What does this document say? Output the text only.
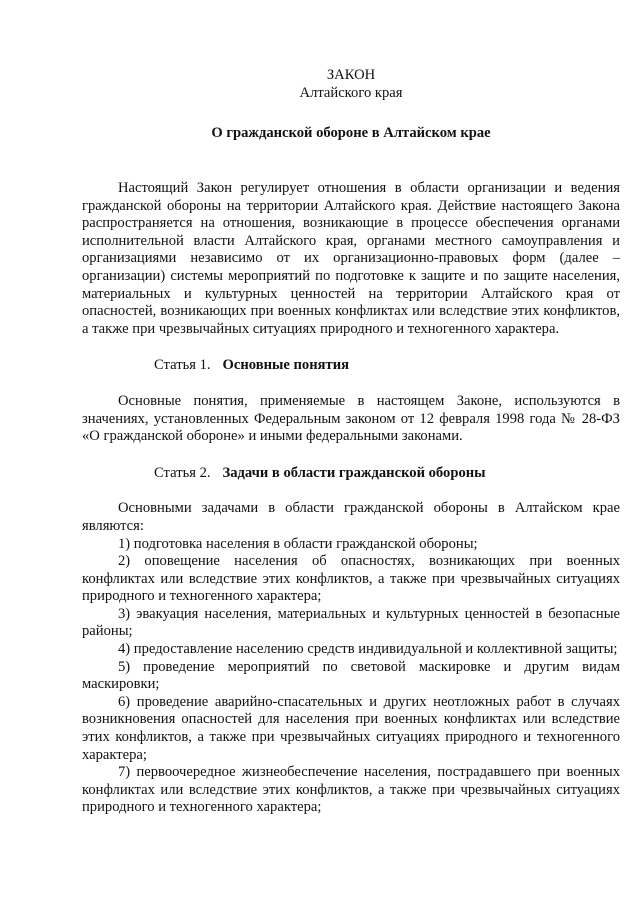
ЗАКОН
Алтайского края
О гражданской обороне в Алтайском крае

Настоящий Закон регулирует отношения в области организации и ведения гражданской обороны на территории Алтайского края. Действие настоящего Закона распространяется на отношения, возникающие в процессе обеспечения органами исполнительной власти Алтайского края, органами местного самоуправления и организациями независимо от их организационно-правовых форм (далее – организации) системы мероприятий по подготовке к защите и по защите населения, материальных и культурных ценностей на территории Алтайского края от опасностей, возникающих при военных конфликтах или вследствие этих конфликтов, а также при чрезвычайных ситуациях природного и техногенного характера.

Статья 1. Основные понятия

Основные понятия, применяемые в настоящем Законе, используются в значениях, установленных Федеральным законом от 12 февраля 1998 года № 28-ФЗ «О гражданской обороне» и иными федеральными законами.

Статья 2. Задачи в области гражданской обороны

Основными задачами в области гражданской обороны в Алтайском крае являются:

1) подготовка населения в области гражданской обороны;

2) оповещение населения об опасностях, возникающих при военных конфликтах или вследствие этих конфликтов, а также при чрезвычайных ситуациях природного и техногенного характера;

3) эвакуация населения, материальных и культурных ценностей в безопасные районы;

4) предоставление населению средств индивидуальной и коллективной защиты;

5) проведение мероприятий по световой маскировке и другим видам маскировки;

6) проведение аварийно-спасательных и других неотложных работ в случаях возникновения опасностей для населения при военных конфликтах или вследствие этих конфликтов, а также при чрезвычайных ситуациях природного и техногенного характера;

7) первоочередное жизнеобеспечение населения, пострадавшего при военных конфликтах или вследствие этих конфликтов, а также при чрезвычайных ситуациях природного и техногенного характера;
